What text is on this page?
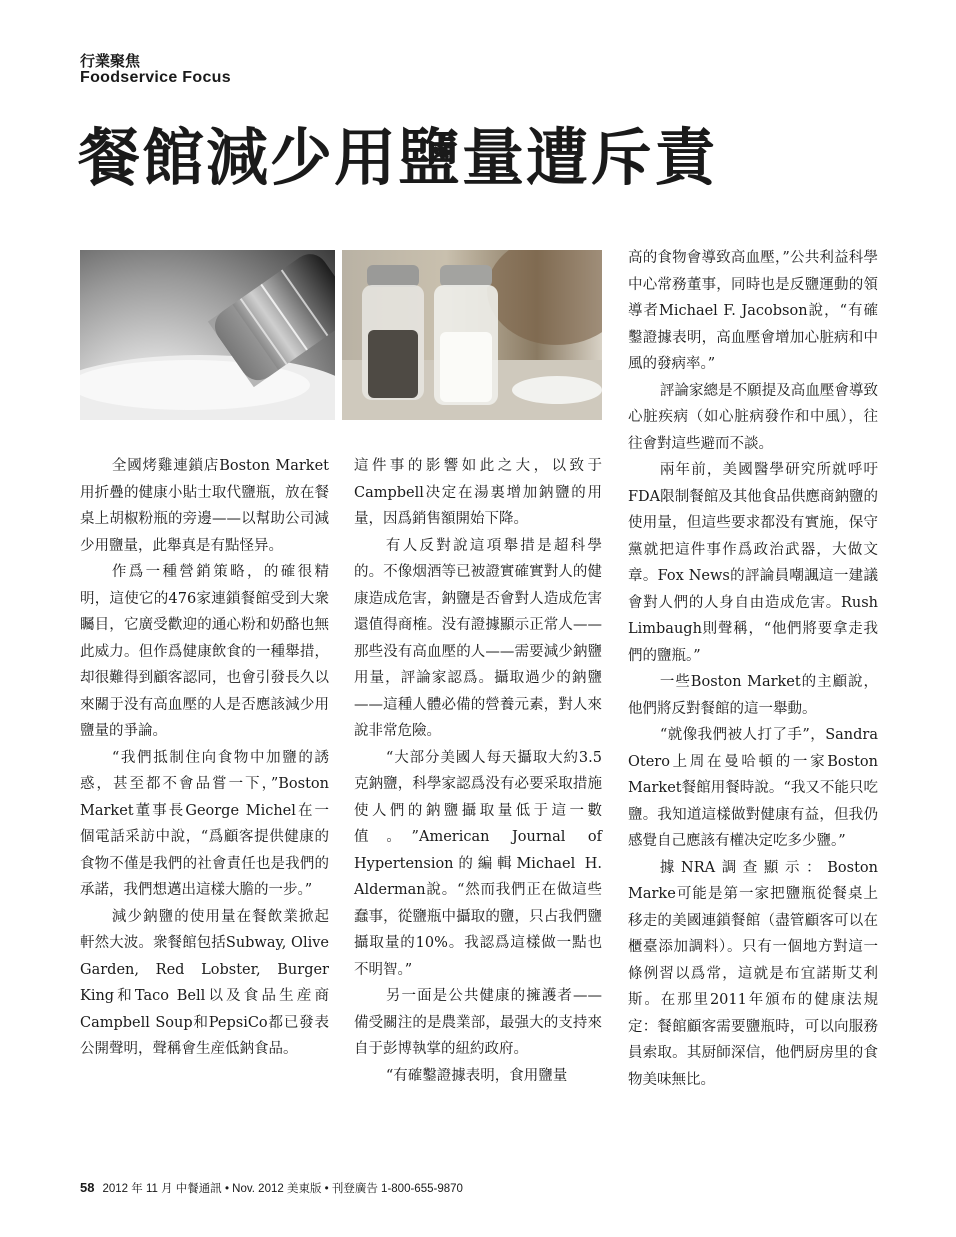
行業聚焦
Foodservice Focus
餐館減少用鹽量遭斥責

全國烤雞連鎖店Boston Market用折疊的健康小貼士取代鹽瓶，放在餐桌上胡椒粉瓶的旁邊——以幫助公司減少用鹽量，此舉真是有點怪异。

作爲一種營銷策略，的確很精明，這使它的476家連鎖餐館受到大衆矚目，它廣受歡迎的通心粉和奶酪也無此威力。但作爲健康飲食的一種舉措，却很難得到顧客認同，也會引發長久以來關于没有高血壓的人是否應該減少用鹽量的爭論。

“我們抵制住向食物中加鹽的誘惑，甚至都不會品嘗一下，”Boston Market董事長George Michel在一個電話采訪中說，“爲顧客提供健康的食物不僅是我們的社會責任也是我們的承諾，我們想邁出這樣大膽的一步。”

減少鈉鹽的使用量在餐飲業掀起軒然大波。衆餐館包括Subway, Olive Garden, Red Lobster, Burger King和Taco Bell以及食品生産商Campbell Soup和PepsiCo都已發表公開聲明，聲稱會生産低鈉食品。

這件事的影響如此之大，以致于Campbell决定在湯裏增加鈉鹽的用量，因爲銷售額開始下降。

有人反對說這項舉措是超科學的。不像烟酒等已被證實確實對人的健康造成危害，鈉鹽是否會對人造成危害還值得商榷。没有證據顯示正常人——那些没有高血壓的人——需要減少鈉鹽用量，評論家認爲。攝取過少的鈉鹽——這種人體必備的營養元素，對人來說非常危險。

“大部分美國人每天攝取大約3.5克鈉鹽，科學家認爲没有必要采取措施使人們的鈉鹽攝取量低于這一數值。”American Journal of Hypertension的編輯Michael H. Alderman說。“然而我們正在做這些蠢事，從鹽瓶中攝取的鹽，只占我們鹽攝取量的10%。我認爲這樣做一點也不明智。”

另一面是公共健康的擁護者——備受關注的是農業部，最强大的支持來自于彭博執掌的紐約政府。

“有確鑿證據表明，食用鹽量

高的食物會導致高血壓，”公共利益科學中心常務董事，同時也是反鹽運動的領導者Michael F. Jacobson說，“有確鑿證據表明，高血壓會增加心脏病和中風的發病率。”

評論家總是不願提及高血壓會導致心脏疾病（如心脏病發作和中風），往往會對這些避而不談。

兩年前，美國醫學研究所就呼吁FDA限制餐館及其他食品供應商鈉鹽的使用量，但這些要求都没有實施，保守黨就把這件事作爲政治武器，大做文章。Fox News的評論員嘲諷這一建議會對人們的人身自由造成危害。Rush Limbaugh則聲稱，“他們將要拿走我們的鹽瓶。”

一些Boston Market的主顧說，他們將反對餐館的這一舉動。

“就像我們被人打了手”，Sandra Otero上周在曼哈頓的一家Boston Market餐館用餐時說。“我又不能只吃鹽。我知道這樣做對健康有益，但我仍感覺自己應該有權决定吃多少鹽。”

據NRA調查顯示：Boston Marke可能是第一家把鹽瓶從餐桌上移走的美國連鎖餐館（盡管顧客可以在櫃臺添加調料）。只有一個地方對這一條例習以爲常，這就是布宜諾斯艾利斯。在那里2011年頒布的健康法規定：餐館顧客需要鹽瓶時，可以向服務員索取。其厨師深信，他們厨房里的食物美味無比。

58 2012 年 11 月 中餐通訊 • Nov. 2012 美東版 • 刊登廣告 1-800-655-9870
